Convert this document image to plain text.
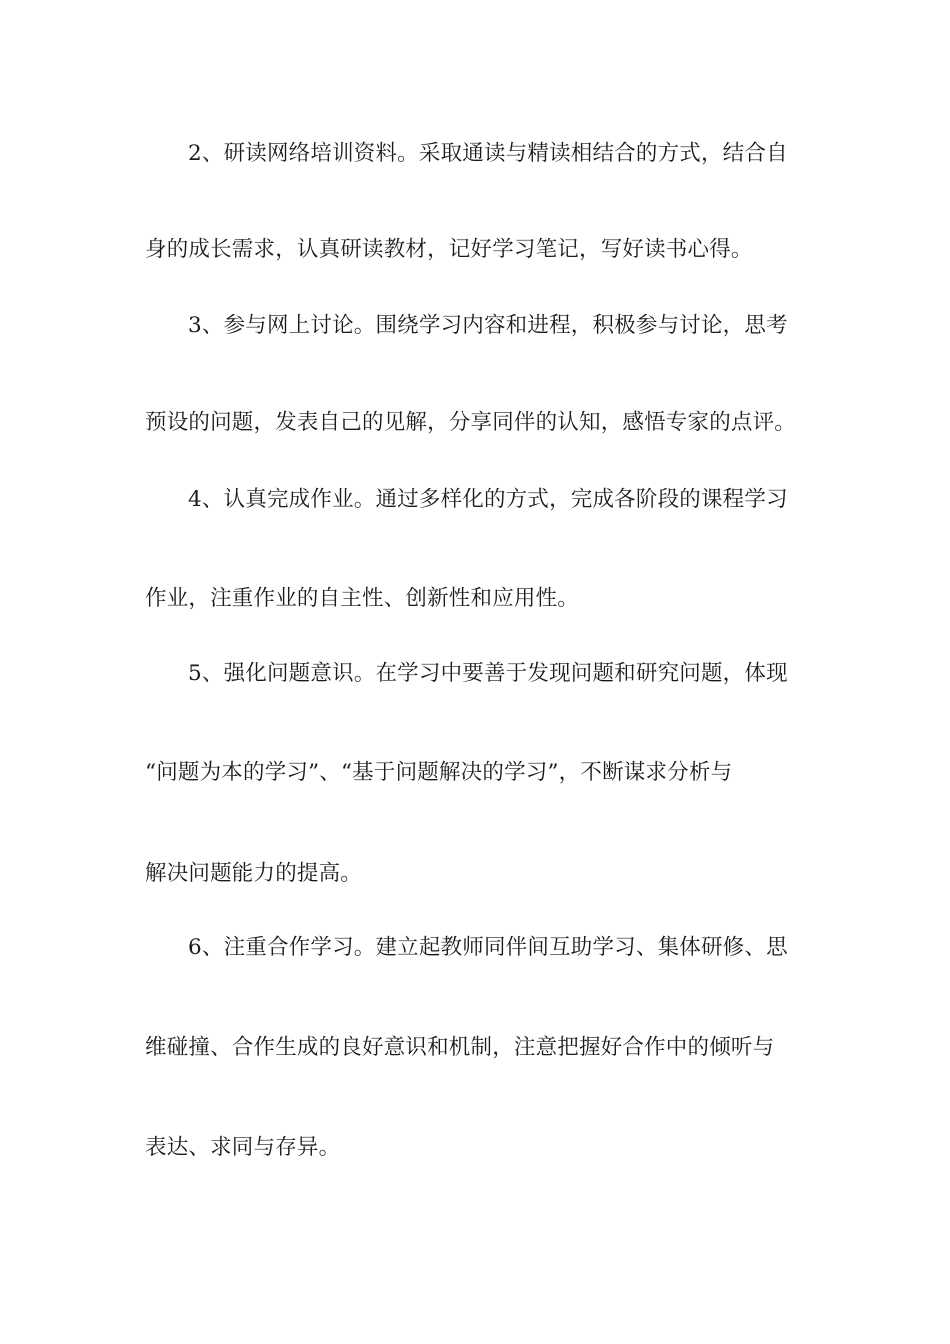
2、研读网络培训资料。采取通读与精读相结合的方式，结合自
身的成长需求，认真研读教材，记好学习笔记，写好读书心得。
3、参与网上讨论。围绕学习内容和进程，积极参与讨论，思考
预设的问题，发表自己的见解，分享同伴的认知，感悟专家的点评。
4、认真完成作业。通过多样化的方式，完成各阶段的课程学习
作业，注重作业的自主性、创新性和应用性。
5、强化问题意识。在学习中要善于发现问题和研究问题，体现
“问题为本的学习”、“基于问题解决的学习”，不断谋求分析与
解决问题能力的提高。
6、注重合作学习。建立起教师同伴间互助学习、集体研修、思
维碰撞、合作生成的良好意识和机制，注意把握好合作中的倾听与
表达、求同与存异。
